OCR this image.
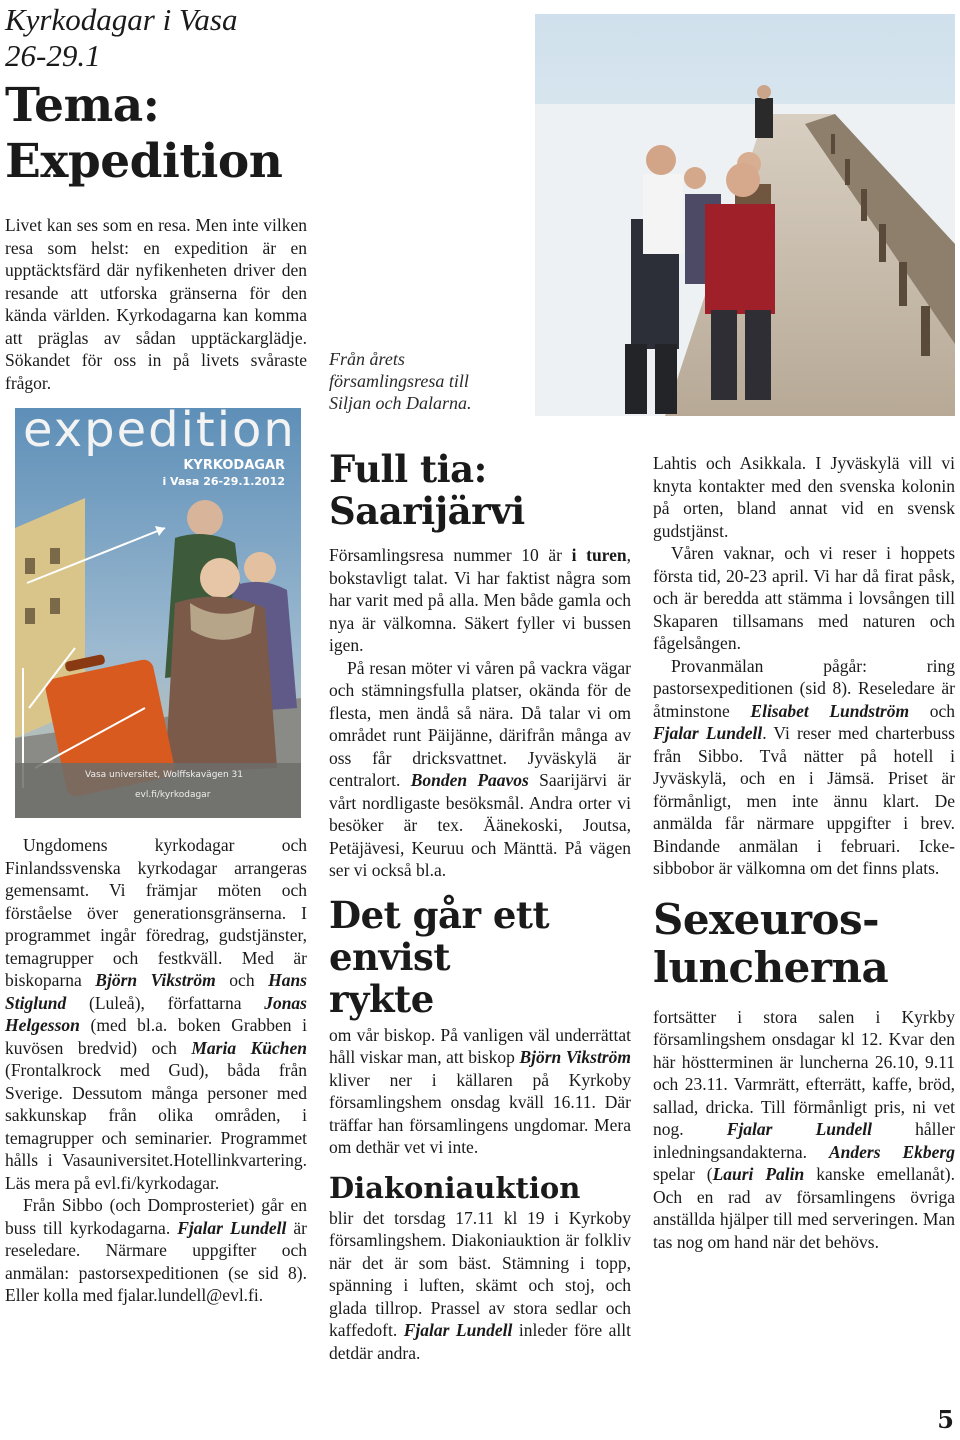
Kyrkodagar i Vasa
26-29.1
Tema:
Expedition

Livet kan ses som en resa. Men inte vilken resa som helst: en expedition är en upptäcktsfärd där nyfikenheten driver den resande att utforska gränserna för den kända världen. Kyrkodagarna kan komma att präglas av sådan upptäckarglädje. Sökandet för oss in på livets svåraste frågor.

expedition
KYRKODAGAR
i Vasa 26-29.1.2012
Vasa universitet, Wolffskavägen 31
evl.fi/kyrkodagar

Ungdomens kyrkodagar och Finlandssvenska kyrkodagar arrangeras gemensamt. Vi främjar möten och förståelse över generationsgränserna. I programmet ingår föredrag, gudstjänster, temagrupper och festkväll. Med är biskoparna Björn Vikström och Hans Stiglund (Luleå), författarna Jonas Helgesson (med bl.a. boken Grabben i kuvösen bredvid) och Maria Küchen (Frontalkrock med Gud), båda från Sverige. Dessutom många personer med sakkunskap från olika områden, i temagrupper och seminarier. Programmet hålls i Vasauniversitet.Hotellinkvartering. Läs mera på evl.fi/kyrkodagar.

Från Sibbo (och Domprosteriet) går en buss till kyrkodagarna. Fjalar Lundell är reseledare. Närmare uppgifter och anmälan: pastorsexpeditionen (se sid 8). Eller kolla med fjalar.lundell@evl.fi.

Från årets församlingsresa till Siljan och Dalarna.
Full tia: Saarijärvi

Församlingsresa nummer 10 är i turen, bokstavligt talat. Vi har faktist några som har varit med på alla. Men både gamla och nya är välkomna. Säkert fyller vi bussen igen.

På resan möter vi våren på vackra vägar och stämningsfulla platser, okända för de flesta, men ändå så nära. Då talar vi om området runt Päijänne, därifrån många av oss får dricksvattnet. Jyväskylä är centralort. Bonden Paavos Saarijärvi är vårt nordligaste besöksmål. Andra orter vi besöker är tex. Äänekoski, Joutsa, Petäjävesi, Keuruu och Mänttä. På vägen ser vi också bl.a.

Det går ett envist rykte

om vår biskop. På vanligen väl underrättat håll viskar man, att biskop Björn Vikström kliver ner i källaren på Kyrkoby församlingshem onsdag kväll 16.11. Där träffar han församlingens ungdomar. Mera om dethär vet vi inte.

Diakoniauktion

blir det torsdag 17.11 kl 19 i Kyrkoby församlingshem. Diakoniauktion är folkliv när det är som bäst. Stämning i topp, spänning i luften, skämt och stoj, och glada tillrop. Prassel av stora sedlar och kaffedoft. Fjalar Lundell inleder före allt detdär andra.

Lahtis och Asikkala. I Jyväskylä vill vi knyta kontakter med den svenska kolonin på orten, bland annat vid en svensk gudstjänst.

Våren vaknar, och vi reser i hoppets första tid, 20-23 april. Vi har då firat påsk, och är beredda att stämma i lovsången till Skaparen tillsamans med naturen och fågelsången.

Provanmälan pågår: ring pastorsexpeditionen (sid 8). Reseledare är åtminstone Elisabet Lundström och Fjalar Lundell. Vi reser med charterbuss från Sibbo. Två nätter på hotell i Jyväskylä, och en i Jämsä. Priset är förmånligt, men inte ännu klart. De anmälda får närmare uppgifter i brev. Bindande anmälan i februari. Icke-sibbobor är välkomna om det finns plats.

Sexeuros-luncherna

fortsätter i stora salen i Kyrkby församlingshem onsdagar kl 12. Kvar den här höstterminen är luncherna 26.10, 9.11 och 23.11. Varmrätt, efterrätt, kaffe, bröd, sallad, dricka. Till förmånligt pris, ni vet nog. Fjalar Lundell håller inledningsandakterna. Anders Ekberg spelar (Lauri Palin kanske emellanåt). Och en rad av församlingens övriga anställda hjälper till med serveringen. Man tas nog om hand när det behövs.

5
